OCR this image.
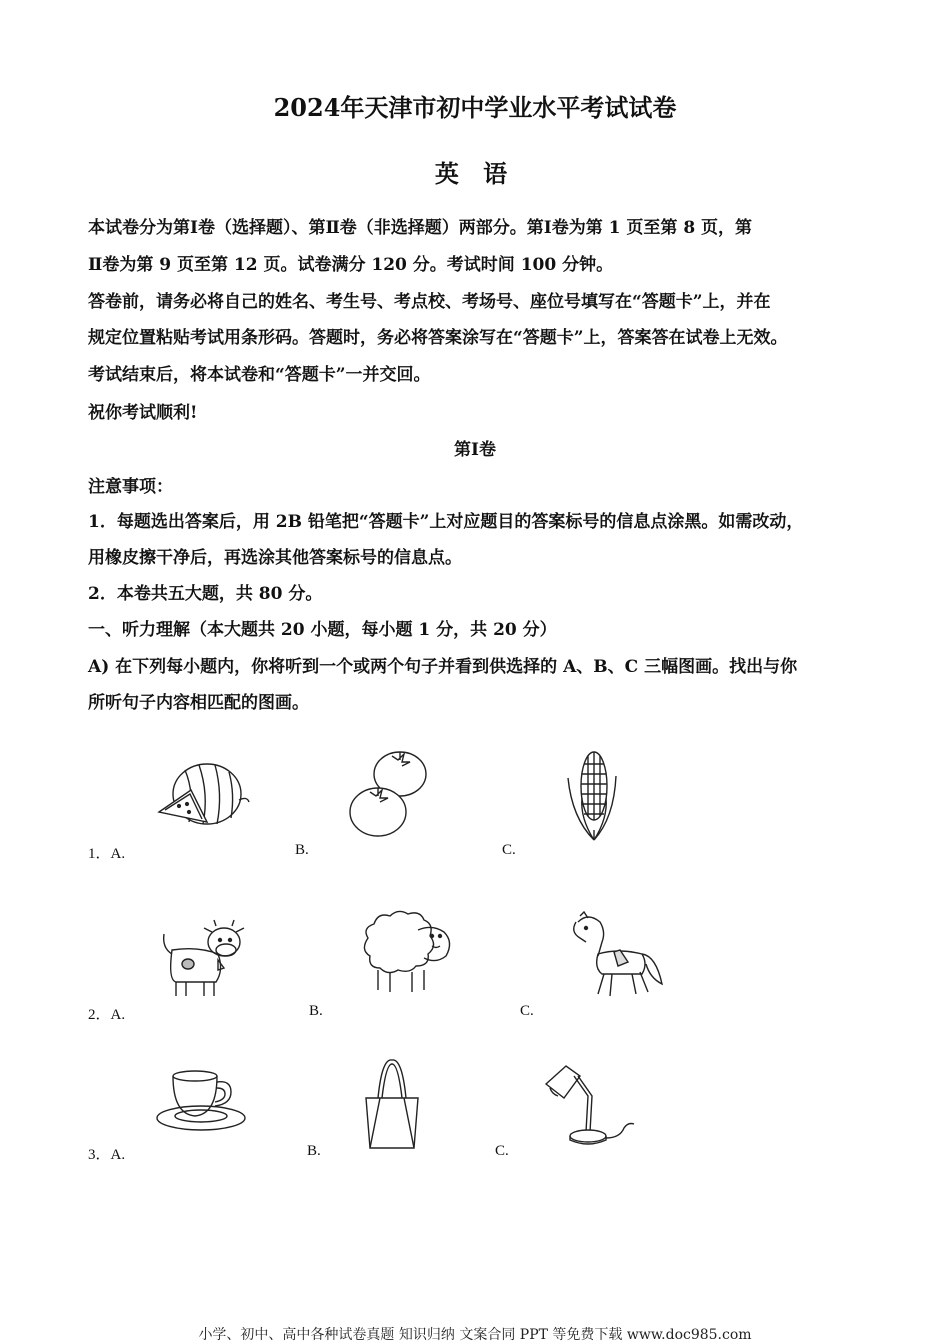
2024年天津市初中学业水平考试试卷
英 语
本试卷分为第Ⅰ卷（选择题）、第Ⅱ卷（非选择题）两部分。第Ⅰ卷为第 1 页至第 8 页，第
Ⅱ卷为第 9 页至第 12 页。试卷满分 120 分。考试时间 100 分钟。
答卷前，请务必将自己的姓名、考生号、考点校、考场号、座位号填写在“答题卡”上，并在
规定位置粘贴考试用条形码。答题时，务必将答案涂写在“答题卡”上，答案答在试卷上无效。
考试结束后，将本试卷和“答题卡”一并交回。
祝你考试顺利!
第Ⅰ卷
注意事项：
1．每题选出答案后，用 2B 铅笔把“答题卡”上对应题目的答案标号的信息点涂黑。如需改动，
用橡皮擦干净后，再选涂其他答案标号的信息点。
2．本卷共五大题，共 80 分。
一、听力理解（本大题共 20 小题，每小题 1 分，共 20 分）
A) 在下列每小题内，你将听到一个或两个句子并看到供选择的 A、B、C 三幅图画。找出与你
所听句子内容相匹配的图画。
1．A.	B.	C.
2．A.	B.	C.
3．A.	B.	C.
小学、初中、高中各种试卷真题 知识归纳 文案合同 PPT 等免费下载 www.doc985.com
